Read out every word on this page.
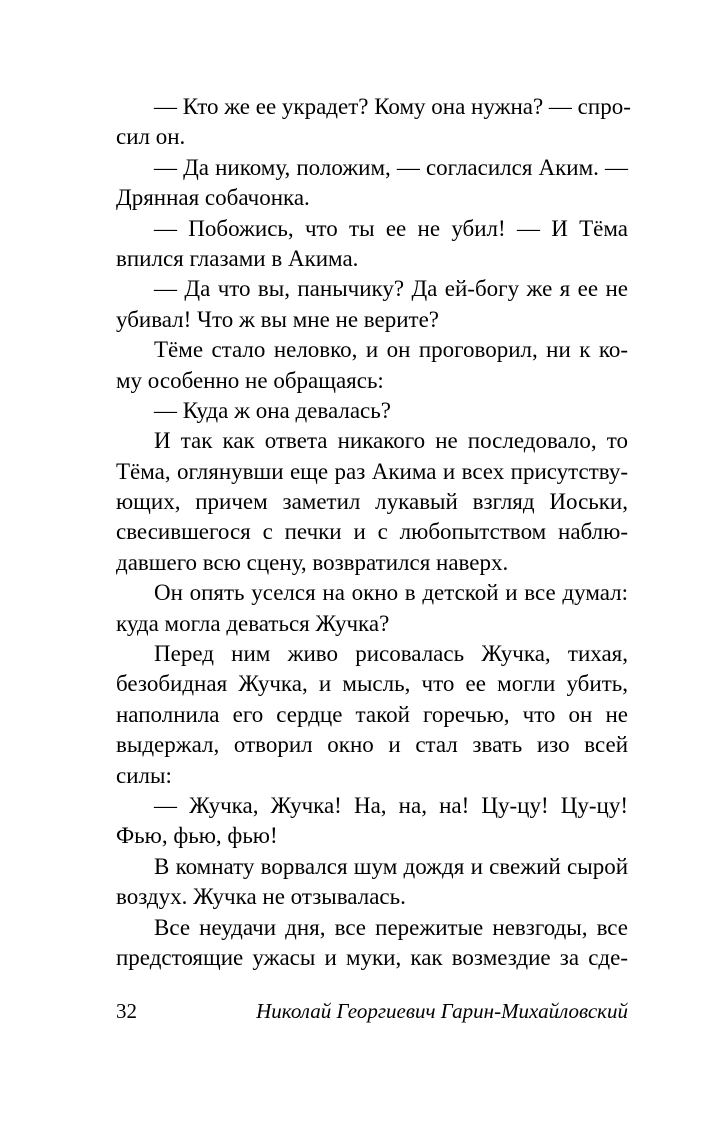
— Кто же ее украдет? Кому она нужна? — спро-
сил он.
— Да никому, положим, — согласился Аким. —
Дрянная собачонка.
— Побожись, что ты ее не убил! — И Тёма
впился глазами в Акима.
— Да что вы, панычику? Да ей-богу же я ее не
убивал! Что ж вы мне не верите?
Тёме стало неловко, и он проговорил, ни к ко-
му особенно не обращаясь:
— Куда ж она девалась?
И так как ответа никакого не последовало, то
Тёма, оглянувши еще раз Акима и всех присутству-
ющих, причем заметил лукавый взгляд Иоськи,
свесившегося с печки и с любопытством наблю-
давшего всю сцену, возвратился наверх.
Он опять уселся на окно в детской и все думал:
куда могла деваться Жучка?
Перед ним живо рисовалась Жучка, тихая,
безобидная Жучка, и мысль, что ее могли убить,
наполнила его сердце такой горечью, что он не
выдержал, отворил окно и стал звать изо всей
силы:
— Жучка, Жучка! На, на, на! Цу-цу! Цу-цу!
Фью, фью, фью!
В комнату ворвался шум дождя и свежий сырой
воздух. Жучка не отзывалась.
Все неудачи дня, все пережитые невзгоды, все
предстоящие ужасы и муки, как возмездие за сде-
32	Николай Георгиевич Гарин-Михайловский
